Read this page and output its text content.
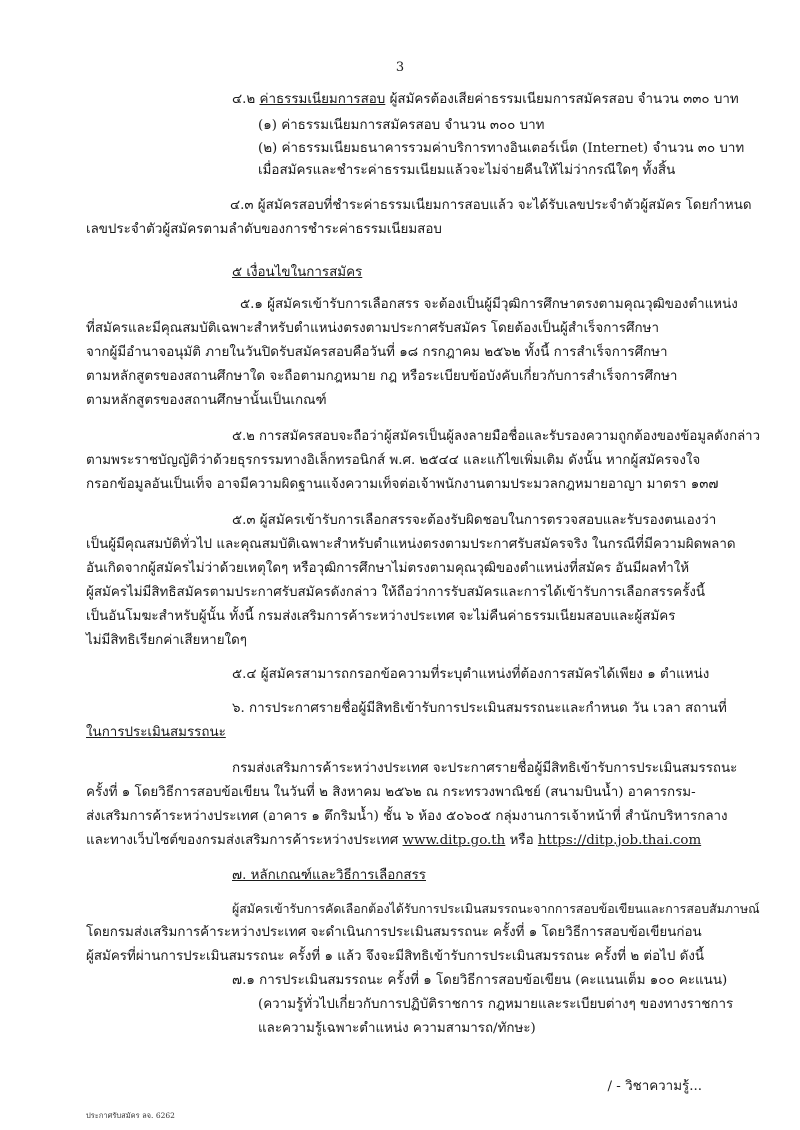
3
๔.๒ ค่าธรรมเนียมการสอบ ผู้สมัครต้องเสียค่าธรรมเนียมการสมัครสอบ จำนวน ๓๓๐ บาท
(๑) ค่าธรรมเนียมการสมัครสอบ จำนวน ๓๐๐ บาท
(๒) ค่าธรรมเนียมธนาคารรวมค่าบริการทางอินเตอร์เน็ต (Internet) จำนวน ๓๐ บาท
เมื่อสมัครและชำระค่าธรรมเนียมแล้วจะไม่จ่ายคืนให้ไม่ว่ากรณีใดๆ ทั้งสิ้น
๔.๓ ผู้สมัครสอบที่ชำระค่าธรรมเนียมการสอบแล้ว จะได้รับเลขประจำตัวผู้สมัคร โดยกำหนด
เลขประจำตัวผู้สมัครตามลำดับของการชำระค่าธรรมเนียมสอบ
๕ เงื่อนไขในการสมัคร
๕.๑ ผู้สมัครเข้ารับการเลือกสรร จะต้องเป็นผู้มีวุฒิการศึกษาตรงตามคุณวุฒิของตำแหน่ง
ที่สมัครและมีคุณสมบัติเฉพาะสำหรับตำแหน่งตรงตามประกาศรับสมัคร โดยต้องเป็นผู้สำเร็จการศึกษา
จากผู้มีอำนาจอนุมัติ ภายในวันปิดรับสมัครสอบคือวันที่ ๑๘ กรกฎาคม ๒๕๖๒ ทั้งนี้ การสำเร็จการศึกษา
ตามหลักสูตรของสถานศึกษาใด จะถือตามกฎหมาย กฎ หรือระเบียบข้อบังคับเกี่ยวกับการสำเร็จการศึกษา
ตามหลักสูตรของสถานศึกษานั้นเป็นเกณฑ์
๕.๒ การสมัครสอบจะถือว่าผู้สมัครเป็นผู้ลงลายมือชื่อและรับรองความถูกต้องของข้อมูลดังกล่าว
ตามพระราชบัญญัติว่าด้วยธุรกรรมทางอิเล็กทรอนิกส์ พ.ศ. ๒๕๔๔ และแก้ไขเพิ่มเติม ดังนั้น หากผู้สมัครจงใจ
กรอกข้อมูลอันเป็นเท็จ อาจมีความผิดฐานแจ้งความเท็จต่อเจ้าพนักงานตามประมวลกฎหมายอาญา มาตรา ๑๓๗
๕.๓ ผู้สมัครเข้ารับการเลือกสรรจะต้องรับผิดชอบในการตรวจสอบและรับรองตนเองว่า
เป็นผู้มีคุณสมบัติทั่วไป และคุณสมบัติเฉพาะสำหรับตำแหน่งตรงตามประกาศรับสมัครจริง ในกรณีที่มีความผิดพลาด
อันเกิดจากผู้สมัครไม่ว่าด้วยเหตุใดๆ หรือวุฒิการศึกษาไม่ตรงตามคุณวุฒิของตำแหน่งที่สมัคร อันมีผลทำให้
ผู้สมัครไม่มีสิทธิสมัครตามประกาศรับสมัครดังกล่าว ให้ถือว่าการรับสมัครและการได้เข้ารับการเลือกสรรครั้งนี้
เป็นอันโมฆะสำหรับผู้นั้น ทั้งนี้ กรมส่งเสริมการค้าระหว่างประเทศ จะไม่คืนค่าธรรมเนียมสอบและผู้สมัคร
ไม่มีสิทธิเรียกค่าเสียหายใดๆ
๕.๔ ผู้สมัครสามารถกรอกข้อความที่ระบุตำแหน่งที่ต้องการสมัครได้เพียง ๑ ตำแหน่ง
๖. การประกาศรายชื่อผู้มีสิทธิเข้ารับการประเมินสมรรถนะและกำหนด วัน เวลา สถานที่
ในการประเมินสมรรถนะ
กรมส่งเสริมการค้าระหว่างประเทศ จะประกาศรายชื่อผู้มีสิทธิเข้ารับการประเมินสมรรถนะ
ครั้งที่ ๑ โดยวิธีการสอบข้อเขียน ในวันที่ ๒ สิงหาคม ๒๕๖๒ ณ กระทรวงพาณิชย์ (สนามบินน้ำ) อาคารกรม-
ส่งเสริมการค้าระหว่างประเทศ (อาคาร ๑ ตึกริมน้ำ) ชั้น ๖ ห้อง ๕๐๖๐๕ กลุ่มงานการเจ้าหน้าที่ สำนักบริหารกลาง
และทางเว็บไซต์ของกรมส่งเสริมการค้าระหว่างประเทศ www.ditp.go.th หรือ https://ditp.job.thai.com
๗. หลักเกณฑ์และวิธีการเลือกสรร
ผู้สมัครเข้ารับการคัดเลือกต้องได้รับการประเมินสมรรถนะจากการสอบข้อเขียนและการสอบสัมภาษณ์
โดยกรมส่งเสริมการค้าระหว่างประเทศ จะดำเนินการประเมินสมรรถนะ ครั้งที่ ๑ โดยวิธีการสอบข้อเขียนก่อน
ผู้สมัครที่ผ่านการประเมินสมรรถนะ ครั้งที่ ๑ แล้ว จึงจะมีสิทธิเข้ารับการประเมินสมรรถนะ ครั้งที่ ๒ ต่อไป ดังนี้
๗.๑ การประเมินสมรรถนะ ครั้งที่ ๑ โดยวิธีการสอบข้อเขียน (คะแนนเต็ม ๑๐๐ คะแนน)
(ความรู้ทั่วไปเกี่ยวกับการปฏิบัติราชการ กฎหมายและระเบียบต่างๆ ของทางราชการ
และความรู้เฉพาะตำแหน่ง ความสามารถ/ทักษะ)
/ - วิชาความรู้...
ประกาศรับสมัคร ลจ. 6262
